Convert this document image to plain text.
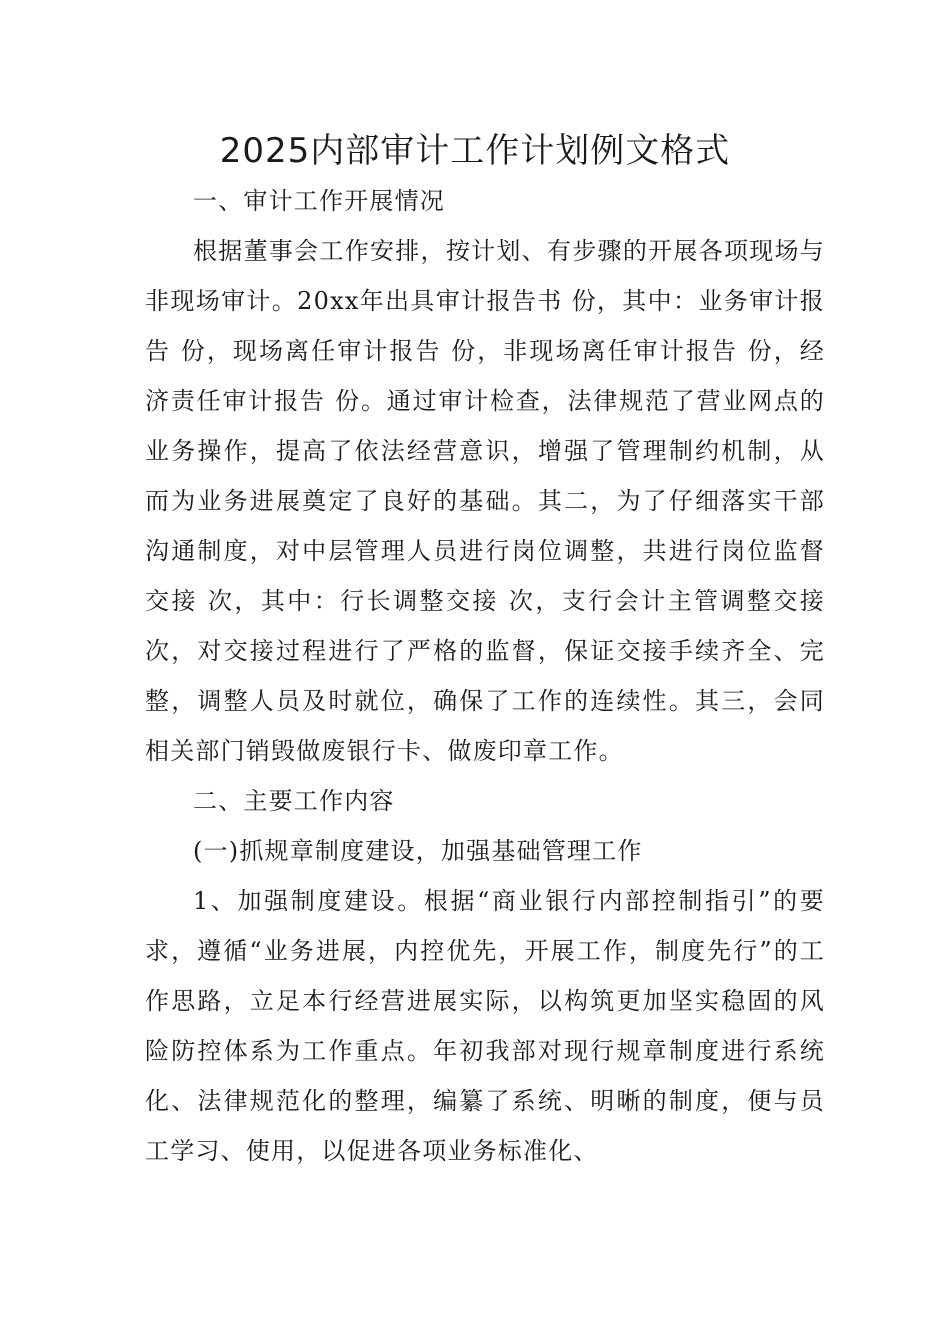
2025内部审计工作计划例文格式

一、审计工作开展情况

根据董事会工作安排，按计划、有步骤的开展各项现场与非现场审计。20xx年出具审计报告书 份，其中：业务审计报告 份，现场离任审计报告 份，非现场离任审计报告 份，经济责任审计报告 份。通过审计检查，法律规范了营业网点的业务操作，提高了依法经营意识，增强了管理制约机制，从而为业务进展奠定了良好的基础。其二，为了仔细落实干部沟通制度，对中层管理人员进行岗位调整，共进行岗位监督交接 次，其中：行长调整交接 次，支行会计主管调整交接 次，对交接过程进行了严格的监督，保证交接手续齐全、完整，调整人员及时就位，确保了工作的连续性。其三，会同相关部门销毁做废银行卡、做废印章工作。

二、主要工作内容

(一)抓规章制度建设，加强基础管理工作

1、加强制度建设。根据“商业银行内部控制指引”的要求，遵循“业务进展，内控优先，开展工作，制度先行”的工作思路，立足本行经营进展实际，以构筑更加坚实稳固的风险防控体系为工作重点。年初我部对现行规章制度进行系统化、法律规范化的整理，编纂了系统、明晰的制度，便与员工学习、使用，以促进各项业务标准化、
